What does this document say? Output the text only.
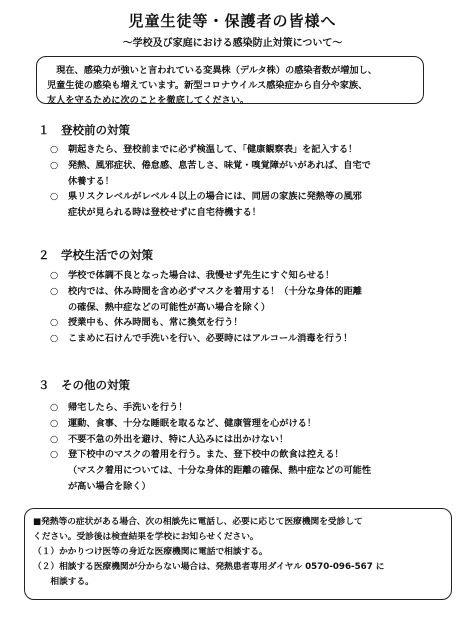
児童生徒等・保護者の皆様へ
～学校及び家庭における感染防止対策について～
現在、感染力が強いと言われている変異株（デルタ株）の感染者数が増加し、
児童生徒の感染も増えています。新型コロナウイルス感染症から自分や家族、
友人を守るために次のことを徹底してください。
１　登校前の対策
○ 朝起きたら、登校前までに必ず検温して、「健康観察表」を記入する！
○ 発熱、風邪症状、倦怠感、息苦しさ、味覚・嗅覚障がいがあれば、自宅で
休養する！
○ 県リスクレベルがレベル４以上の場合には、同居の家族に発熱等の風邪
症状が見られる時は登校せずに自宅待機する！
２　学校生活での対策
○ 学校で体調不良となった場合は、我慢せず先生にすぐ知らせる！
○ 校内では、休み時間を含め必ずマスクを着用する！（十分な身体的距離
の確保、熱中症などの可能性が高い場合を除く）
○ 授業中も、休み時間も、常に換気を行う！
○ こまめに石けんで手洗いを行い、必要時にはアルコール消毒を行う！
３　その他の対策
○ 帰宅したら、手洗いを行う！
○ 運動、食事、十分な睡眠を取るなど、健康管理を心がける！
○ 不要不急の外出を避け、特に人込みには出かけない！
○ 登下校中のマスクの着用を行う。また、登下校中の飲食は控える！
（マスク着用については、十分な身体的距離の確保、熱中症などの可能性
が高い場合を除く）
■発熱等の症状がある場合、次の相談先に電話し、必要に応じて医療機関を受診して
ください。受診後は検査結果を学校にお知らせください。
（１）かかりつけ医等の身近な医療機関に電話で相談する。
（２）相談する医療機関が分からない場合は、発熱患者専用ダイヤル 0570-096-567 に
　　相談する。
